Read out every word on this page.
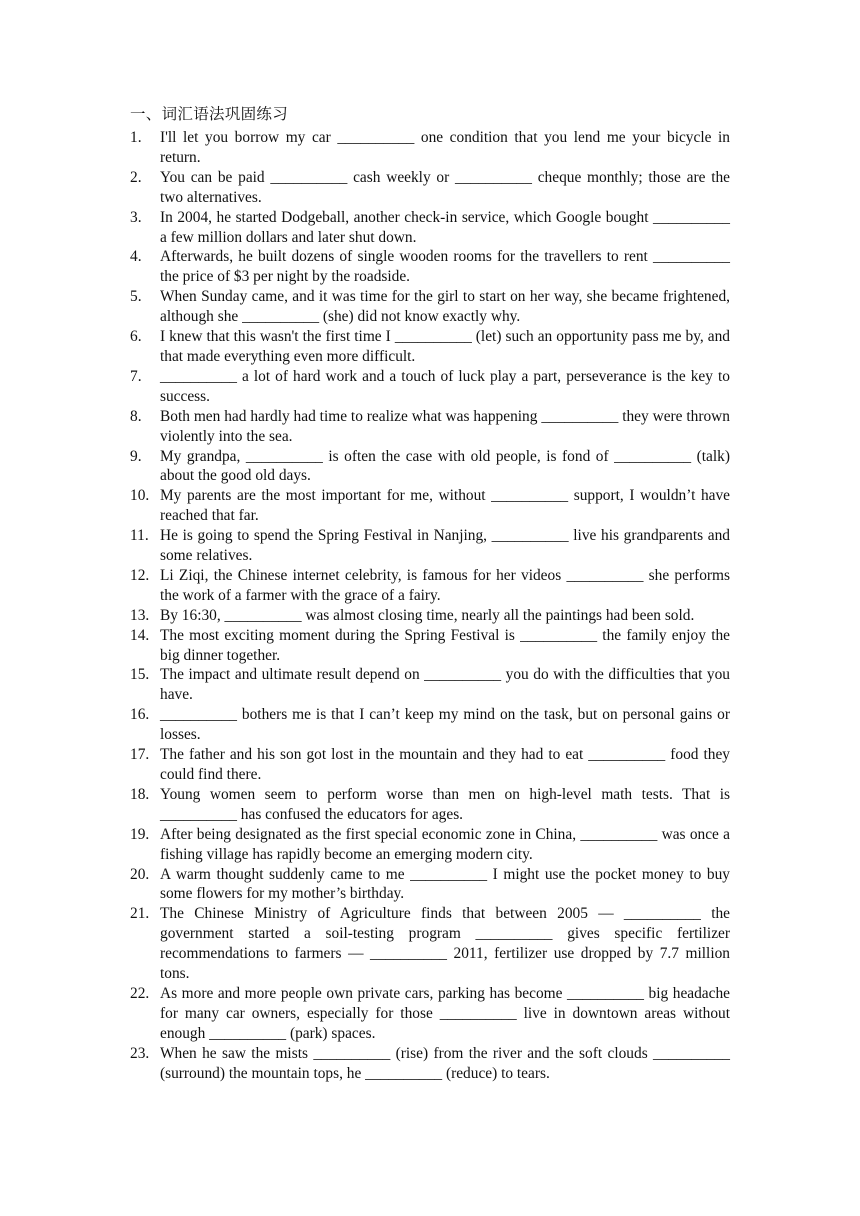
一、词汇语法巩固练习
1. I'll let you borrow my car __________ one condition that you lend me your bicycle in return.
2. You can be paid __________ cash weekly or __________ cheque monthly; those are the two alternatives.
3. In 2004, he started Dodgeball, another check-in service, which Google bought __________ a few million dollars and later shut down.
4. Afterwards, he built dozens of single wooden rooms for the travellers to rent __________ the price of $3 per night by the roadside.
5. When Sunday came, and it was time for the girl to start on her way, she became frightened, although she __________ (she) did not know exactly why.
6. I knew that this wasn't the first time I __________ (let) such an opportunity pass me by, and that made everything even more difficult.
7. __________ a lot of hard work and a touch of luck play a part, perseverance is the key to success.
8. Both men had hardly had time to realize what was happening __________ they were thrown violently into the sea.
9. My grandpa, __________ is often the case with old people, is fond of __________ (talk) about the good old days.
10. My parents are the most important for me, without __________ support, I wouldn’t have reached that far.
11. He is going to spend the Spring Festival in Nanjing, __________ live his grandparents and some relatives.
12. Li Ziqi, the Chinese internet celebrity, is famous for her videos __________ she performs the work of a farmer with the grace of a fairy.
13. By 16:30, __________ was almost closing time, nearly all the paintings had been sold.
14. The most exciting moment during the Spring Festival is __________ the family enjoy the big dinner together.
15. The impact and ultimate result depend on __________ you do with the difficulties that you have.
16. __________ bothers me is that I can’t keep my mind on the task, but on personal gains or losses.
17. The father and his son got lost in the mountain and they had to eat __________ food they could find there.
18. Young women seem to perform worse than men on high-level math tests. That is __________ has confused the educators for ages.
19. After being designated as the first special economic zone in China, __________ was once a fishing village has rapidly become an emerging modern city.
20. A warm thought suddenly came to me __________ I might use the pocket money to buy some flowers for my mother’s birthday.
21. The Chinese Ministry of Agriculture finds that between 2005 — __________ the government started a soil-testing program __________ gives specific fertilizer recommendations to farmers — __________ 2011, fertilizer use dropped by 7.7 million tons.
22. As more and more people own private cars, parking has become __________ big headache for many car owners, especially for those __________ live in downtown areas without enough __________ (park) spaces.
23. When he saw the mists __________ (rise) from the river and the soft clouds __________ (surround) the mountain tops, he __________ (reduce) to tears.
